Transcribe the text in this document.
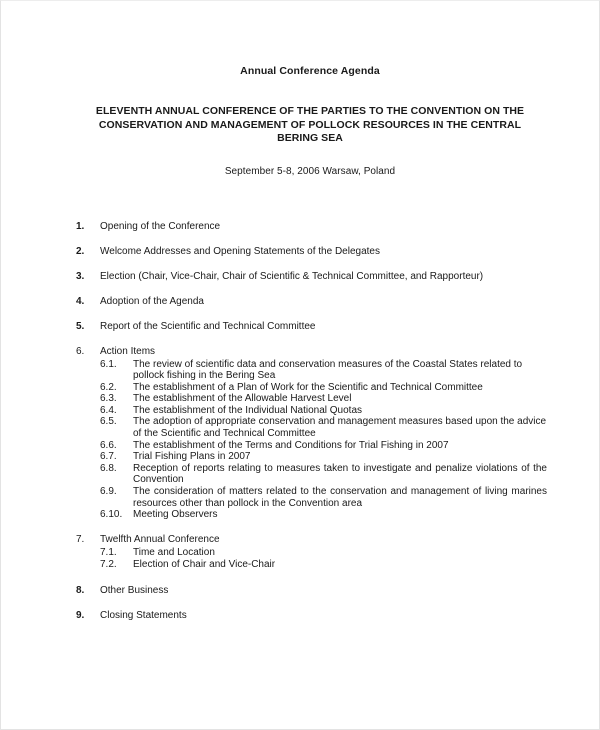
Annual Conference Agenda
ELEVENTH ANNUAL CONFERENCE OF THE PARTIES TO THE CONVENTION ON THE CONSERVATION AND MANAGEMENT OF POLLOCK RESOURCES IN THE CENTRAL BERING SEA
September 5-8, 2006 Warsaw, Poland
1.	Opening of the Conference
2.	Welcome Addresses and Opening Statements of the Delegates
3.	Election (Chair, Vice-Chair, Chair of Scientific & Technical Committee, and Rapporteur)
4.	Adoption of the Agenda
5.	Report of the Scientific and Technical Committee
6.	Action Items
6.1.	The review of scientific data and conservation measures of the Coastal States related to pollock fishing in the Bering Sea
6.2.	The establishment of a Plan of Work for the Scientific and Technical Committee
6.3.	The establishment of the Allowable Harvest Level
6.4.	The establishment of the Individual National Quotas
6.5.	The adoption of appropriate conservation and management measures based upon the advice of the Scientific and Technical Committee
6.6.	The establishment of the Terms and Conditions for Trial Fishing in 2007
6.7.	Trial Fishing Plans in 2007
6.8.	Reception of reports relating to measures taken to investigate and penalize violations of the Convention
6.9.	The consideration of matters related to the conservation and management of living marines resources other than pollock in the Convention area
6.10.	Meeting Observers
7.	Twelfth Annual Conference
7.1.	Time and Location
7.2.	Election of Chair and Vice-Chair
8.	Other Business
9.	Closing Statements
